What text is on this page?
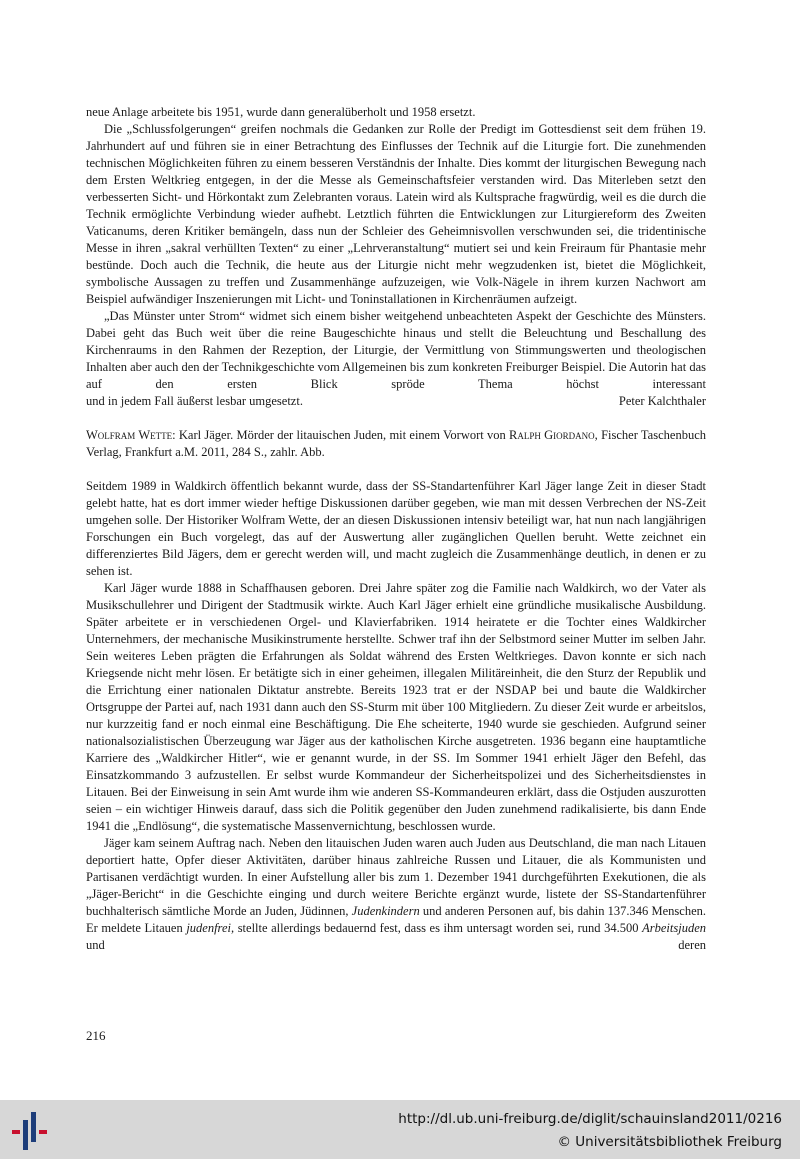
neue Anlage arbeitete bis 1951, wurde dann generalüberholt und 1958 ersetzt.

Die „Schlussfolgerungen“ greifen nochmals die Gedanken zur Rolle der Predigt im Gottesdienst seit dem frühen 19. Jahrhundert auf und führen sie in einer Betrachtung des Einflusses der Technik auf die Liturgie fort. Die zunehmenden technischen Möglichkeiten führen zu einem besseren Verständnis der Inhalte. Dies kommt der liturgischen Bewegung nach dem Ersten Weltkrieg entgegen, in der die Messe als Gemeinschaftsfeier verstanden wird. Das Miterleben setzt den verbesserten Sicht- und Hörkontakt zum Zelebranten voraus. Latein wird als Kultsprache fragwürdig, weil es die durch die Technik ermöglichte Verbindung wieder aufhebt. Letztlich führten die Entwicklungen zur Liturgiereform des Zweiten Vaticanums, deren Kritiker bemängeln, dass nun der Schleier des Geheimnisvollen verschwunden sei, die tridentinische Messe in ihren „sakral verhüllten Texten“ zu einer „Lehrveranstaltung“ mutiert sei und kein Freiraum für Phantasie mehr bestünde. Doch auch die Technik, die heute aus der Liturgie nicht mehr wegzudenken ist, bietet die Möglichkeit, symbolische Aussagen zu treffen und Zusammenhänge aufzuzeigen, wie Volk-Nägele in ihrem kurzen Nachwort am Beispiel aufwändiger Inszenierungen mit Licht- und Toninstallationen in Kirchenräumen aufzeigt.

„Das Münster unter Strom“ widmet sich einem bisher weitgehend unbeachteten Aspekt der Geschichte des Münsters. Dabei geht das Buch weit über die reine Baugeschichte hinaus und stellt die Beleuchtung und Beschallung des Kirchenraums in den Rahmen der Rezeption, der Liturgie, der Vermittlung von Stimmungswerten und theologischen Inhalten aber auch den der Technikgeschichte vom Allgemeinen bis zum konkreten Freiburger Beispiel. Die Autorin hat das auf den ersten Blick spröde Thema höchst interessant

und in jedem Fall äußerst lesbar umgesetzt.	Peter Kalchthaler

Wolfram Wette: Karl Jäger. Mörder der litauischen Juden, mit einem Vorwort von Ralph Giordano, Fischer Taschenbuch Verlag, Frankfurt a.M. 2011, 284 S., zahlr. Abb.

Seitdem 1989 in Waldkirch öffentlich bekannt wurde, dass der SS-Standartenführer Karl Jäger lange Zeit in dieser Stadt gelebt hatte, hat es dort immer wieder heftige Diskussionen darüber gegeben, wie man mit dessen Verbrechen der NS-Zeit umgehen solle. Der Historiker Wolfram Wette, der an diesen Diskussionen intensiv beteiligt war, hat nun nach langjährigen Forschungen ein Buch vorgelegt, das auf der Auswertung aller zugänglichen Quellen beruht. Wette zeichnet ein differenziertes Bild Jägers, dem er gerecht werden will, und macht zugleich die Zusammenhänge deutlich, in denen er zu sehen ist.

Karl Jäger wurde 1888 in Schaffhausen geboren. Drei Jahre später zog die Familie nach Waldkirch, wo der Vater als Musikschullehrer und Dirigent der Stadtmusik wirkte. Auch Karl Jäger erhielt eine gründliche musikalische Ausbildung. Später arbeitete er in verschiedenen Orgel- und Klavierfabriken. 1914 heiratete er die Tochter eines Waldkircher Unternehmers, der mechanische Musikinstrumente herstellte. Schwer traf ihn der Selbstmord seiner Mutter im selben Jahr. Sein weiteres Leben prägten die Erfahrungen als Soldat während des Ersten Weltkrieges. Davon konnte er sich nach Kriegsende nicht mehr lösen. Er betätigte sich in einer geheimen, illegalen Militäreinheit, die den Sturz der Republik und die Errichtung einer nationalen Diktatur anstrebte. Bereits 1923 trat er der NSDAP bei und baute die Waldkircher Ortsgruppe der Partei auf, nach 1931 dann auch den SS-Sturm mit über 100 Mitgliedern. Zu dieser Zeit wurde er arbeitslos, nur kurzzeitig fand er noch einmal eine Beschäftigung. Die Ehe scheiterte, 1940 wurde sie geschieden. Aufgrund seiner nationalsozialistischen Überzeugung war Jäger aus der katholischen Kirche ausgetreten. 1936 begann eine hauptamtliche Karriere des „Waldkircher Hitler“, wie er genannt wurde, in der SS. Im Sommer 1941 erhielt Jäger den Befehl, das Einsatzkommando 3 aufzustellen. Er selbst wurde Kommandeur der Sicherheitspolizei und des Sicherheitsdienstes in Litauen. Bei der Einweisung in sein Amt wurde ihm wie anderen SS-Kommandeuren erklärt, dass die Ostjuden auszurotten seien – ein wichtiger Hinweis darauf, dass sich die Politik gegenüber den Juden zunehmend radikalisierte, bis dann Ende 1941 die „Endlösung“, die systematische Massenvernichtung, beschlossen wurde.

Jäger kam seinem Auftrag nach. Neben den litauischen Juden waren auch Juden aus Deutschland, die man nach Litauen deportiert hatte, Opfer dieser Aktivitäten, darüber hinaus zahlreiche Russen und Litauer, die als Kommunisten und Partisanen verdächtigt wurden. In einer Aufstellung aller bis zum 1. Dezember 1941 durchgeführten Exekutionen, die als „Jäger-Bericht“ in die Geschichte einging und durch weitere Berichte ergänzt wurde, listete der SS-Standartenführer buchhalterisch sämtliche Morde an Juden, Jüdinnen, Judenkindern und anderen Personen auf, bis dahin 137.346 Menschen. Er meldete Litauen judenfrei, stellte allerdings bedauernd fest, dass es ihm untersagt worden sei, rund 34.500 Arbeitsjuden und deren

216
http://dl.ub.uni-freiburg.de/diglit/schauinsland2011/0216
© Universitätsbibliothek Freiburg
